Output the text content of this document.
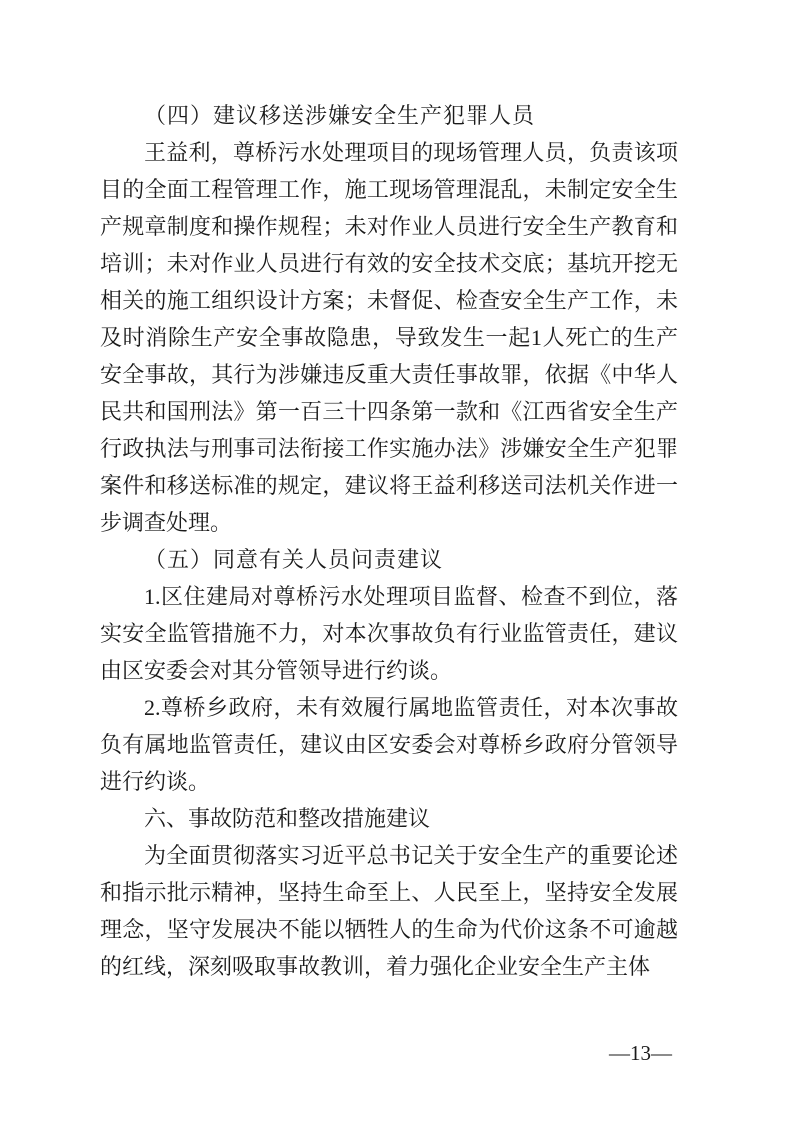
（四）建议移送涉嫌安全生产犯罪人员

王益利，尊桥污水处理项目的现场管理人员，负责该项目的全面工程管理工作，施工现场管理混乱，未制定安全生产规章制度和操作规程；未对作业人员进行安全生产教育和培训；未对作业人员进行有效的安全技术交底；基坑开挖无相关的施工组织设计方案；未督促、检查安全生产工作，未及时消除生产安全事故隐患，导致发生一起1人死亡的生产安全事故，其行为涉嫌违反重大责任事故罪，依据《中华人民共和国刑法》第一百三十四条第一款和《江西省安全生产行政执法与刑事司法衔接工作实施办法》涉嫌安全生产犯罪案件和移送标准的规定，建议将王益利移送司法机关作进一步调查处理。

（五）同意有关人员问责建议

1.区住建局对尊桥污水处理项目监督、检查不到位，落实安全监管措施不力，对本次事故负有行业监管责任，建议由区安委会对其分管领导进行约谈。

2.尊桥乡政府，未有效履行属地监管责任，对本次事故负有属地监管责任，建议由区安委会对尊桥乡政府分管领导进行约谈。

六、事故防范和整改措施建议

为全面贯彻落实习近平总书记关于安全生产的重要论述和指示批示精神，坚持生命至上、人民至上，坚持安全发展理念，坚守发展决不能以牺牲人的生命为代价这条不可逾越的红线，深刻吸取事故教训，着力强化企业安全生产主体

—13—
